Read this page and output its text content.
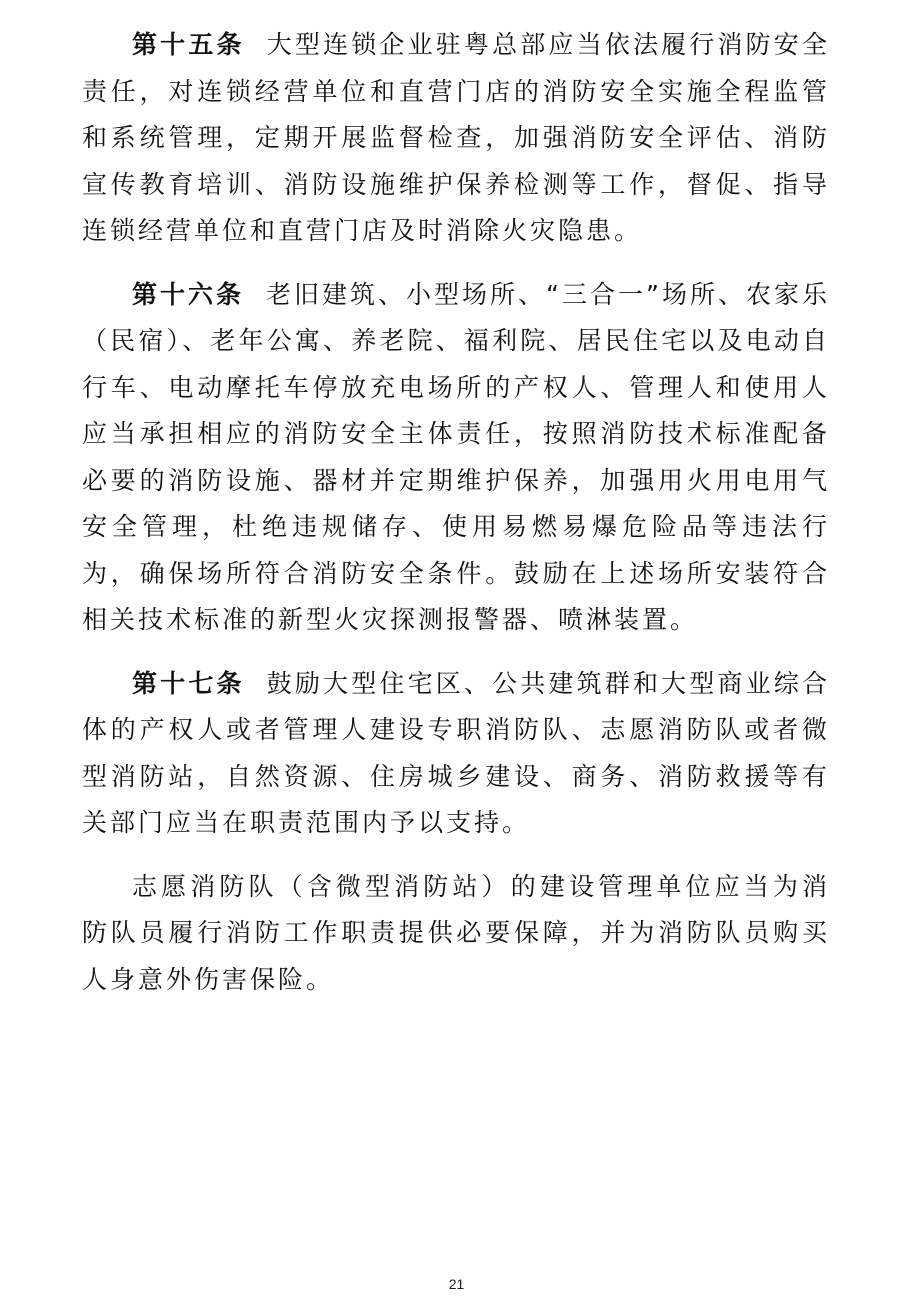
第十五条 大型连锁企业驻粤总部应当依法履行消防安全责任，对连锁经营单位和直营门店的消防安全实施全程监管和系统管理，定期开展监督检查，加强消防安全评估、消防宣传教育培训、消防设施维护保养检测等工作，督促、指导连锁经营单位和直营门店及时消除火灾隐患。

第十六条 老旧建筑、小型场所、“三合一”场所、农家乐（民宿）、老年公寓、养老院、福利院、居民住宅以及电动自行车、电动摩托车停放充电场所的产权人、管理人和使用人应当承担相应的消防安全主体责任，按照消防技术标准配备必要的消防设施、器材并定期维护保养，加强用火用电用气安全管理，杜绝违规储存、使用易燃易爆危险品等违法行为，确保场所符合消防安全条件。鼓励在上述场所安装符合相关技术标准的新型火灾探测报警器、喷淋装置。

第十七条 鼓励大型住宅区、公共建筑群和大型商业综合体的产权人或者管理人建设专职消防队、志愿消防队或者微型消防站，自然资源、住房城乡建设、商务、消防救援等有关部门应当在职责范围内予以支持。

志愿消防队（含微型消防站）的建设管理单位应当为消防队员履行消防工作职责提供必要保障，并为消防队员购买人身意外伤害保险。

21
